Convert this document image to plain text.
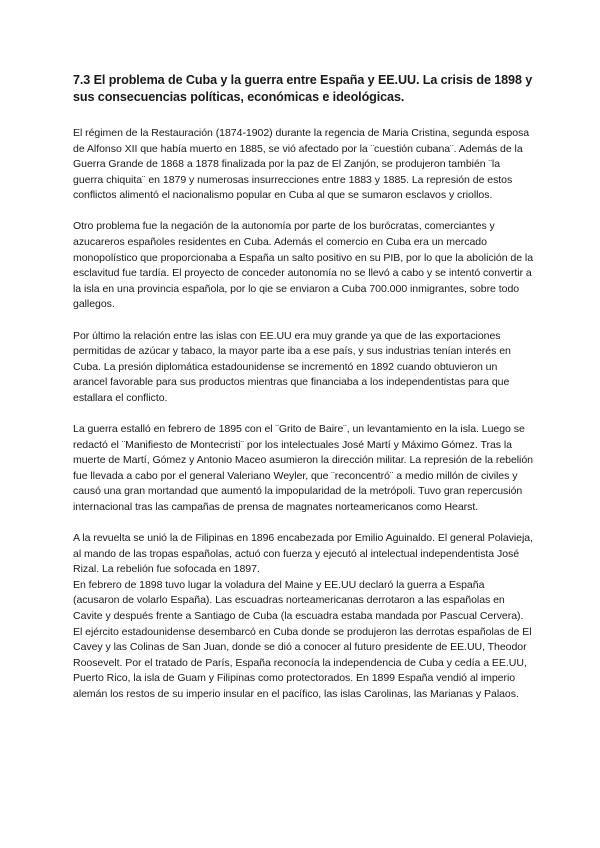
7.3 El problema de Cuba y la guerra entre España y EE.UU. La crisis de 1898 y sus consecuencias políticas, económicas e ideológicas.

El régimen de la Restauración (1874-1902) durante la regencia de Maria Cristina, segunda esposa de Alfonso XII que había muerto en 1885, se vió afectado por la ¨cuestión cubana¨. Además de la Guerra Grande de 1868 a 1878 finalizada por la paz de El Zanjón, se produjeron también ¨la guerra chiquita¨ en 1879 y numerosas insurrecciones entre 1883 y 1885. La represión de estos conflictos alimentó el nacionalismo popular en Cuba al que se sumaron esclavos y criollos.

Otro problema fue la negación de la autonomía por parte de los burócratas, comerciantes y azucareros españoles residentes en Cuba. Además el comercio en Cuba era un mercado monopolístico que proporcionaba a España un salto positivo en su PIB, por lo que la abolición de la esclavitud fue tardía. El proyecto de conceder autonomía no se llevó a cabo y se intentó convertir a la isla en una provincia española, por lo qie se enviaron a Cuba 700.000 inmigrantes, sobre todo gallegos.

Por último la relación entre las islas con EE.UU era muy grande ya que de las exportaciones permitidas de azúcar y tabaco, la mayor parte iba a ese país, y sus industrias tenían interés en Cuba. La presión diplomática estadounidense se incrementó en 1892 cuando obtuvieron un arancel favorable para sus productos mientras que financiaba a los independentistas para que estallara el conflicto.

La guerra estalló en febrero de 1895 con el ¨Grito de Baire¨, un levantamiento en la isla. Luego se redactó el ¨Manifiesto de Montecristi¨ por los intelectuales José Martí y Máximo Gómez. Tras la muerte de Martí, Gómez y Antonio Maceo asumieron la dirección militar. La represión de la rebelión fue llevada a cabo por el general Valeriano Weyler, que ¨reconcentró¨ a medio millón de civiles y causó una gran mortandad que aumentó la impopularidad de la metrópoli. Tuvo gran repercusión internacional tras las campañas de prensa de magnates norteamericanos como Hearst.

A la revuelta se unió la de Filipinas en 1896 encabezada por Emilio Aguinaldo. El general Polavieja, al mando de las tropas españolas, actuó con fuerza y ejecutó al intelectual independentista José Rizal. La rebelión fue sofocada en 1897.

En febrero de 1898 tuvo lugar la voladura del Maine y EE.UU declaró la guerra a España (acusaron de volarlo España). Las escuadras norteamericanas derrotaron a las españolas en Cavite y después frente a Santiago de Cuba (la escuadra estaba mandada por Pascual Cervera). El ejército estadounidense desembarcó en Cuba donde se produjeron las derrotas españolas de El Cavey y las Colinas de San Juan, donde se dió a conocer al futuro presidente de EE.UU, Theodor Roosevelt. Por el tratado de París, España reconocía la independencia de Cuba y cedía a EE.UU, Puerto Rico, la isla de Guam y Filipinas como protectorados. En 1899 España vendió al imperio alemán los restos de su imperio insular en el pacífico, las islas Carolinas, las Marianas y Palaos.
